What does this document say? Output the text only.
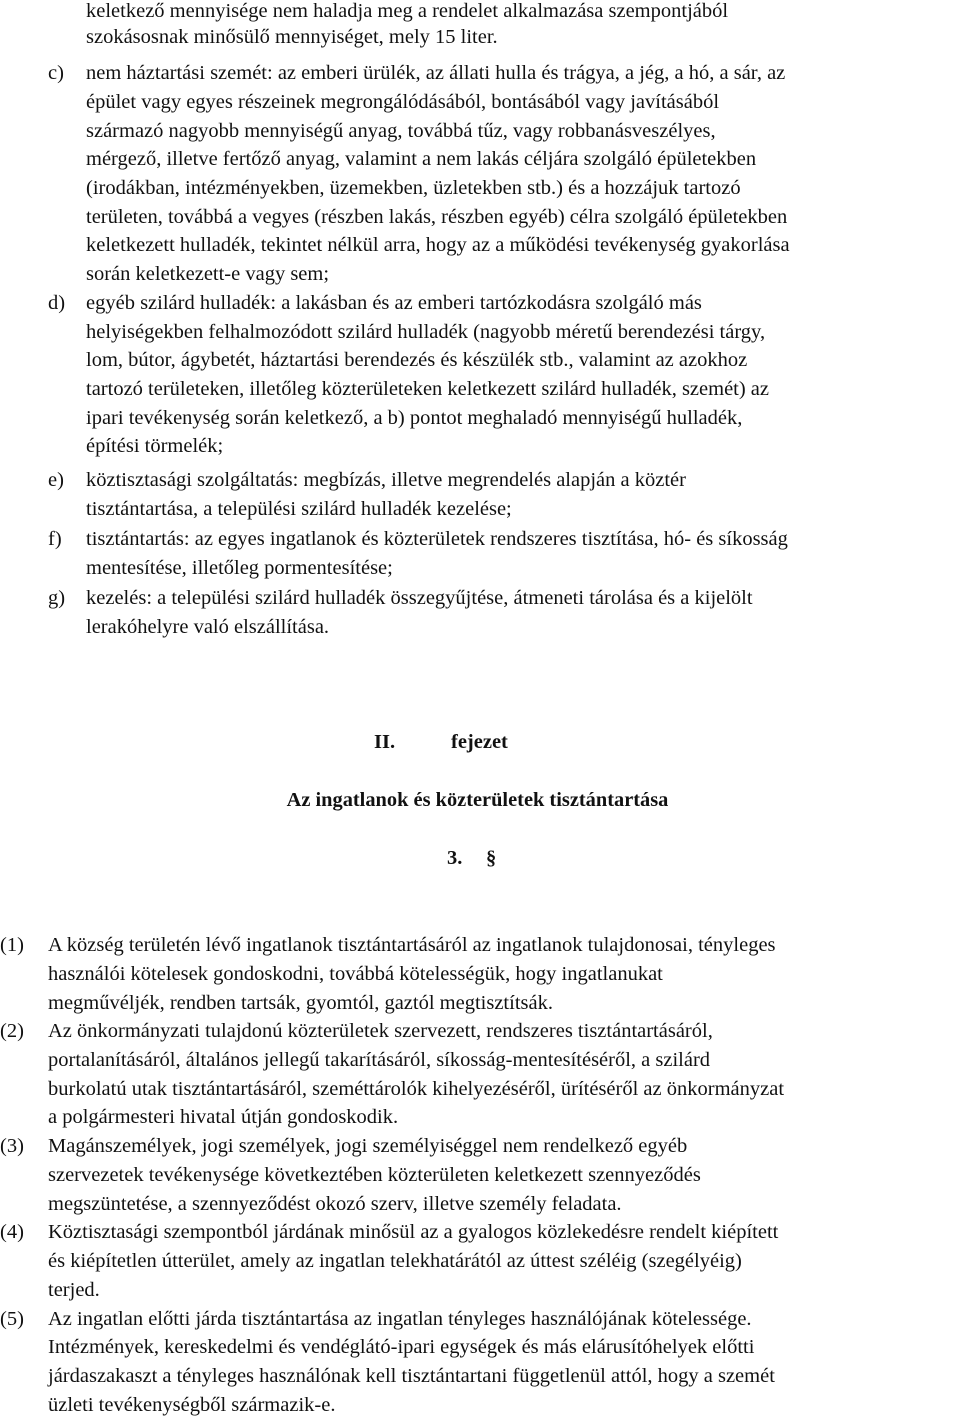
keletkező mennyisége nem haladja meg a rendelet alkalmazása szempontjából
szokásosnak minősülő mennyiséget, mely 15 liter.
c) nem háztartási szemét: az emberi ürülék, az állati hulla és trágya, a jég, a hó, a sár, az
épület vagy egyes részeinek megrongálódásából, bontásából vagy javításából
származó nagyobb mennyiségű anyag, továbbá tűz, vagy robbanásveszélyes,
mérgező, illetve fertőző anyag, valamint a nem lakás céljára szolgáló épületekben
(irodákban, intézményekben, üzemekben, üzletekben stb.) és a hozzájuk tartozó
területen, továbbá a vegyes (részben lakás, részben egyéb) célra szolgáló épületekben
keletkezett hulladék, tekintet nélkül arra, hogy az a működési tevékenység gyakorlása
során keletkezett-e vagy sem;
d) egyéb szilárd hulladék: a lakásban és az emberi tartózkodásra szolgáló más
helyiségekben felhalmozódott szilárd hulladék (nagyobb méretű berendezési tárgy,
lom, bútor, ágybetét, háztartási berendezés és készülék stb., valamint az azokhoz
tartozó területeken, illetőleg közterületeken keletkezett szilárd hulladék, szemét) az
ipari tevékenység során keletkező, a b) pontot meghaladó mennyiségű hulladék,
építési törmelék;
e) köztisztasági szolgáltatás: megbízás, illetve megrendelés alapján a köztér
tisztántartása, a települési szilárd hulladék kezelése;
f) tisztántartás: az egyes ingatlanok és közterületek rendszeres tisztítása, hó- és síkosság
mentesítése, illetőleg pormentesítése;
g) kezelés: a települési szilárd hulladék összegyűjtése, átmeneti tárolása és a kijelölt
lerakóhelyre való elszállítása.
II.	fejezet
Az ingatlanok és közterületek tisztántartása
3. §
(1) A község területén lévő ingatlanok tisztántartásáról az ingatlanok tulajdonosai, tényleges
használói kötelesek gondoskodni, továbbá kötelességük, hogy ingatlanukat
megművéljék, rendben tartsák, gyomtól, gaztól megtisztítsák.
(2) Az önkormányzati tulajdonú közterületek szervezett, rendszeres tisztántartásáról,
portalanításáról, általános jellegű takarításáról, síkosság-mentesítéséről, a szilárd
burkolatú utak tisztántartásáról, szeméttárolók kihelyezéséről, ürítéséről az önkormányzat
a polgármesteri hivatal útján gondoskodik.
(3) Magánszemélyek, jogi személyek, jogi személyiséggel nem rendelkező egyéb
szervezetek tevékenysége következtében közterületen keletkezett szennyeződés
megszüntetése, a szennyeződést okozó szerv, illetve személy feladata.
(4) Köztisztasági szempontból járdának minősül az a gyalogos közlekedésre rendelt kiépített
és kiépítetlen útterület, amely az ingatlan telekhatárától az úttest széléig (szegélyéig)
terjed.
(5) Az ingatlan előtti járda tisztántartása az ingatlan tényleges használójának kötelessége.
Intézmények, kereskedelmi és vendéglátó-ipari egységek és más elárusítóhelyek előtti
járdaszakaszt a tényleges használónak kell tisztántartani függetlenül attól, hogy a szemét
üzleti tevékenységből származik-e.
